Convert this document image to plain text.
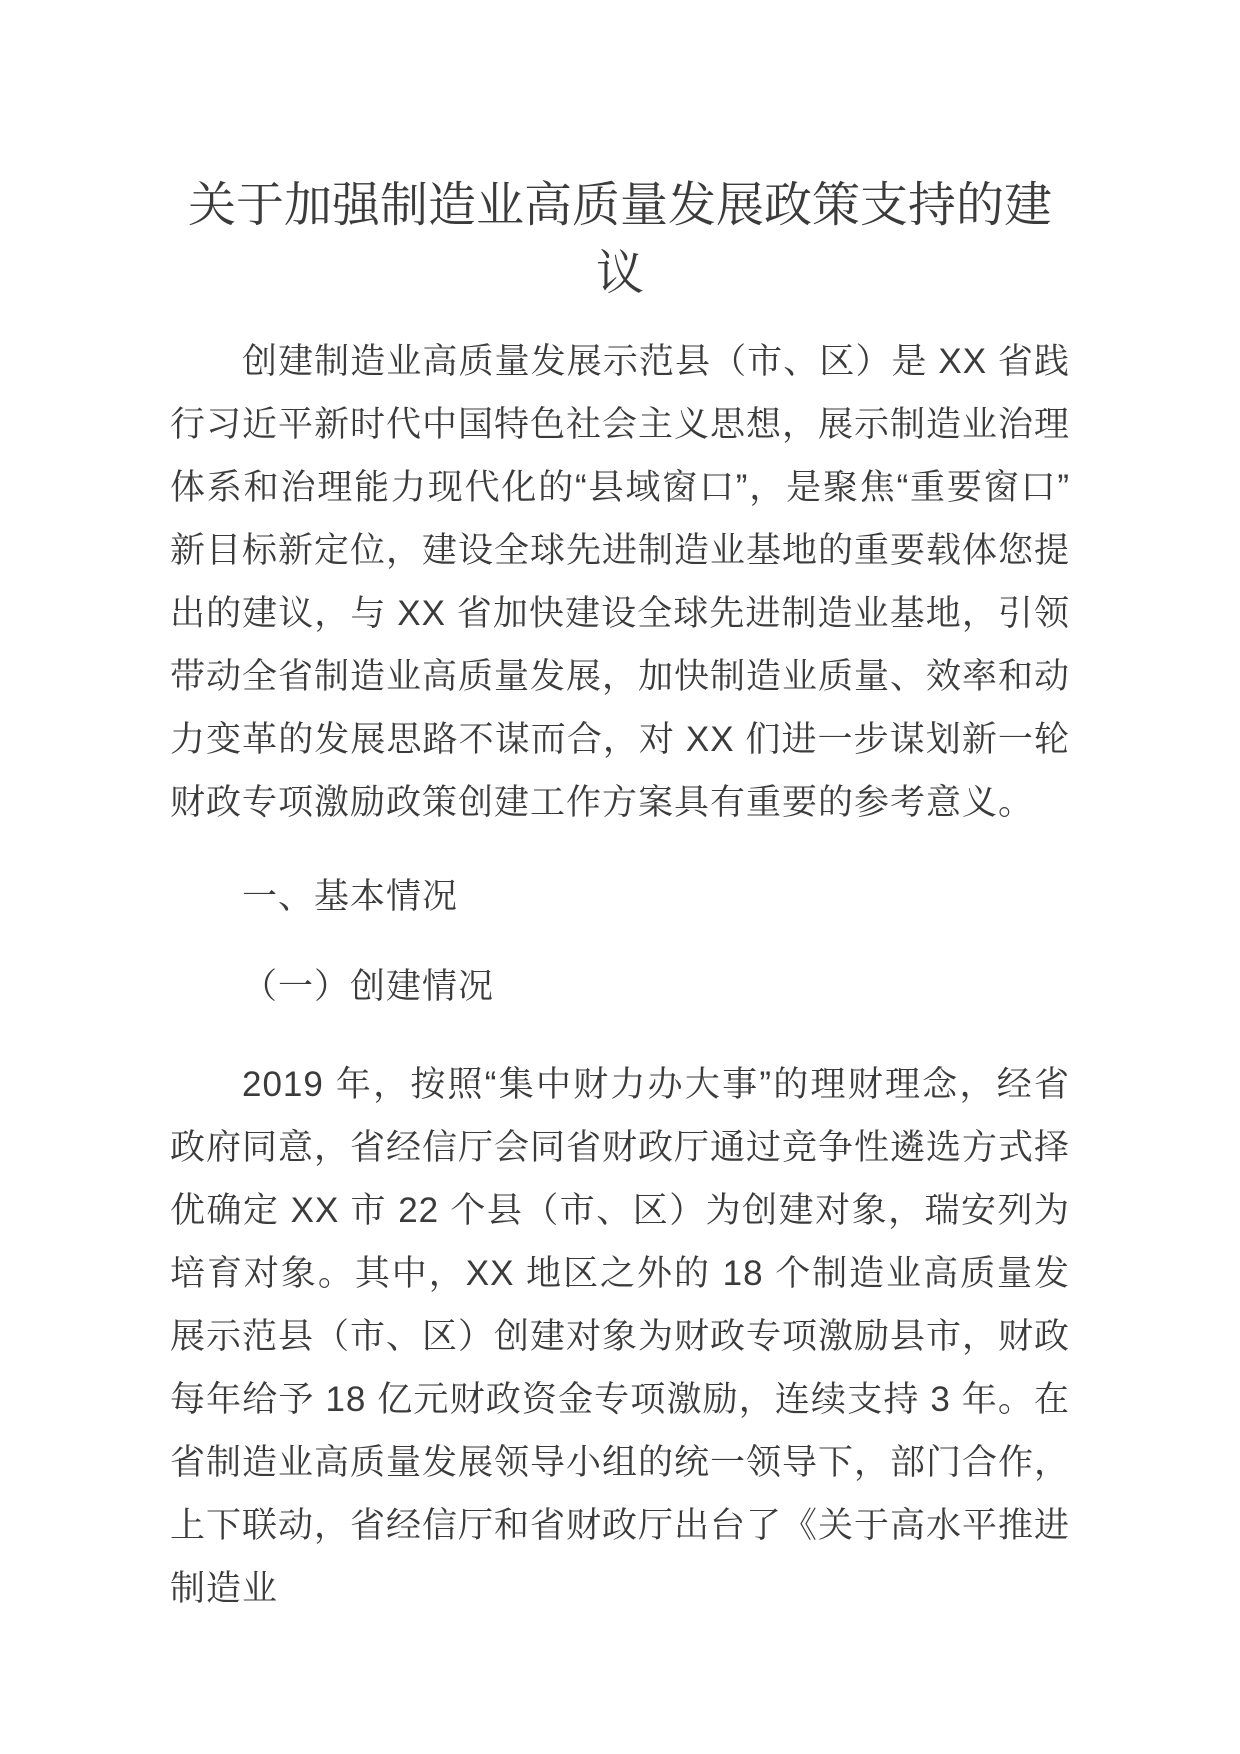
关于加强制造业高质量发展政策支持的建议

创建制造业高质量发展示范县（市、区）是 XX 省践行习近平新时代中国特色社会主义思想，展示制造业治理体系和治理能力现代化的“县域窗口”，是聚焦“重要窗口”新目标新定位，建设全球先进制造业基地的重要载体您提出的建议，与 XX 省加快建设全球先进制造业基地，引领带动全省制造业高质量发展，加快制造业质量、效率和动力变革的发展思路不谋而合，对 XX 们进一步谋划新一轮财政专项激励政策创建工作方案具有重要的参考意义。

一、基本情况
（一）创建情况

2019 年，按照“集中财力办大事”的理财理念，经省政府同意，省经信厅会同省财政厅通过竞争性遴选方式择优确定 XX 市 22 个县（市、区）为创建对象，瑞安列为培育对象。其中，XX 地区之外的 18 个制造业高质量发展示范县（市、区）创建对象为财政专项激励县市，财政每年给予 18 亿元财政资金专项激励，连续支持 3 年。在省制造业高质量发展领导小组的统一领导下，部门合作，上下联动，省经信厅和省财政厅出台了《关于高水平推进制造业
